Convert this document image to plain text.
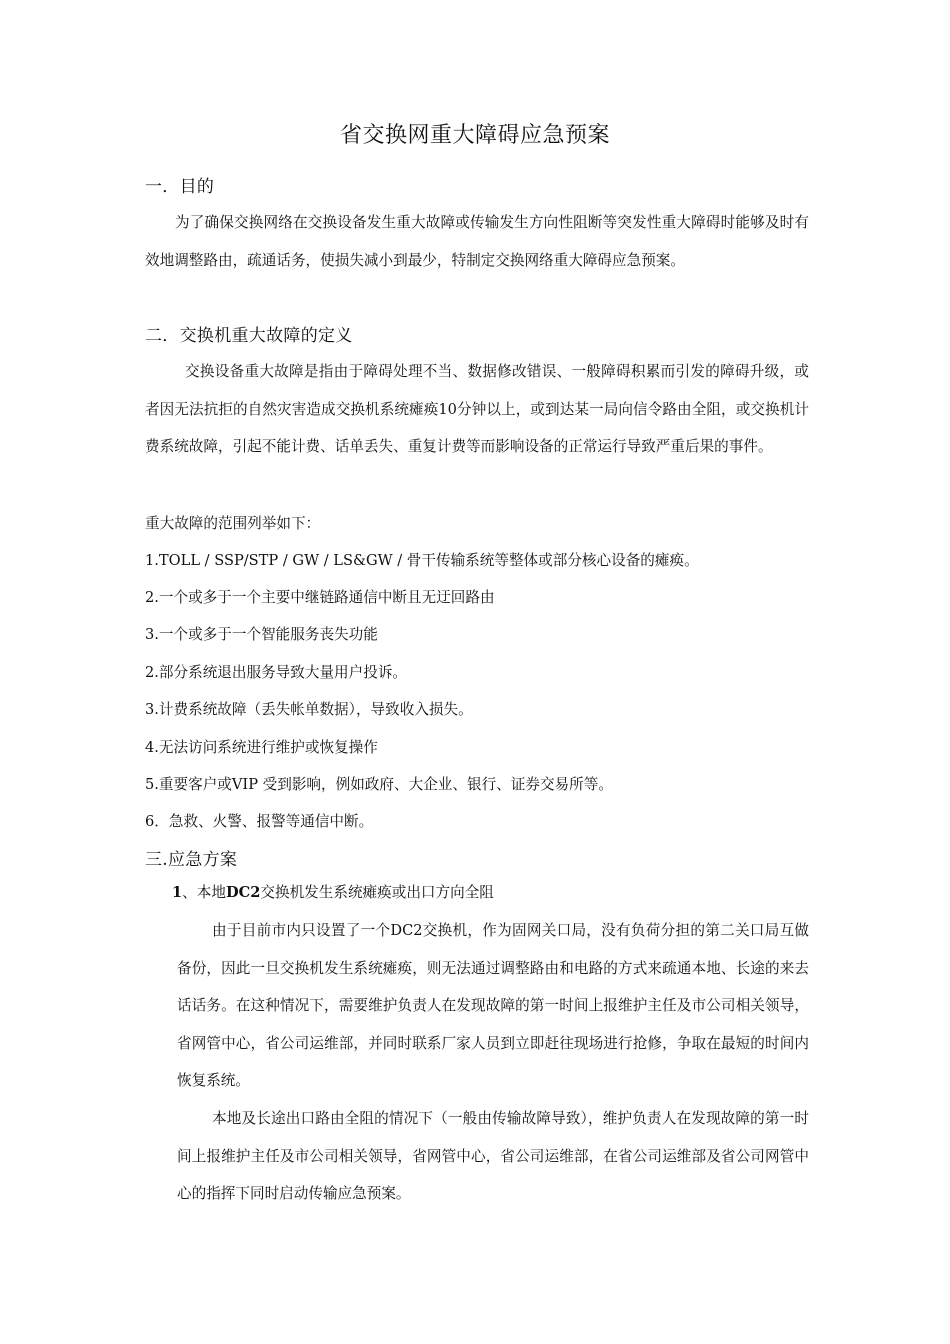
省交换网重大障碍应急预案
一．目的
为了确保交换网络在交换设备发生重大故障或传输发生方向性阻断等突发性重大障碍时能够及时有效地调整路由，疏通话务，使损失减小到最少，特制定交换网络重大障碍应急预案。
二．交换机重大故障的定义
交换设备重大故障是指由于障碍处理不当、数据修改错误、一般障碍积累而引发的障碍升级，或者因无法抗拒的自然灾害造成交换机系统瘫痪10分钟以上，或到达某一局向信令路由全阻，或交换机计费系统故障，引起不能计费、话单丢失、重复计费等而影响设备的正常运行导致严重后果的事件。
重大故障的范围列举如下：
1.TOLL / SSP/STP / GW / LS&GW / 骨干传输系统等整体或部分核心设备的瘫痪。
2.一个或多于一个主要中继链路通信中断且无迂回路由
3.一个或多于一个智能服务丧失功能
2.部分系统退出服务导致大量用户投诉。
3.计费系统故障（丢失帐单数据），导致收入损失。
4.无法访问系统进行维护或恢复操作
5.重要客户或VIP 受到影响，例如政府、大企业、银行、证券交易所等。
6．急救、火警、报警等通信中断。
三.应急方案
1、本地DC2交换机发生系统瘫痪或出口方向全阻
由于目前市内只设置了一个DC2交换机，作为固网关口局，没有负荷分担的第二关口局互做备份，因此一旦交换机发生系统瘫痪，则无法通过调整路由和电路的方式来疏通本地、长途的来去话话务。在这种情况下，需要维护负责人在发现故障的第一时间上报维护主任及市公司相关领导，省网管中心，省公司运维部，并同时联系厂家人员到立即赶往现场进行抢修，争取在最短的时间内恢复系统。
本地及长途出口路由全阻的情况下（一般由传输故障导致），维护负责人在发现故障的第一时间上报维护主任及市公司相关领导，省网管中心，省公司运维部，在省公司运维部及省公司网管中心的指挥下同时启动传输应急预案。
